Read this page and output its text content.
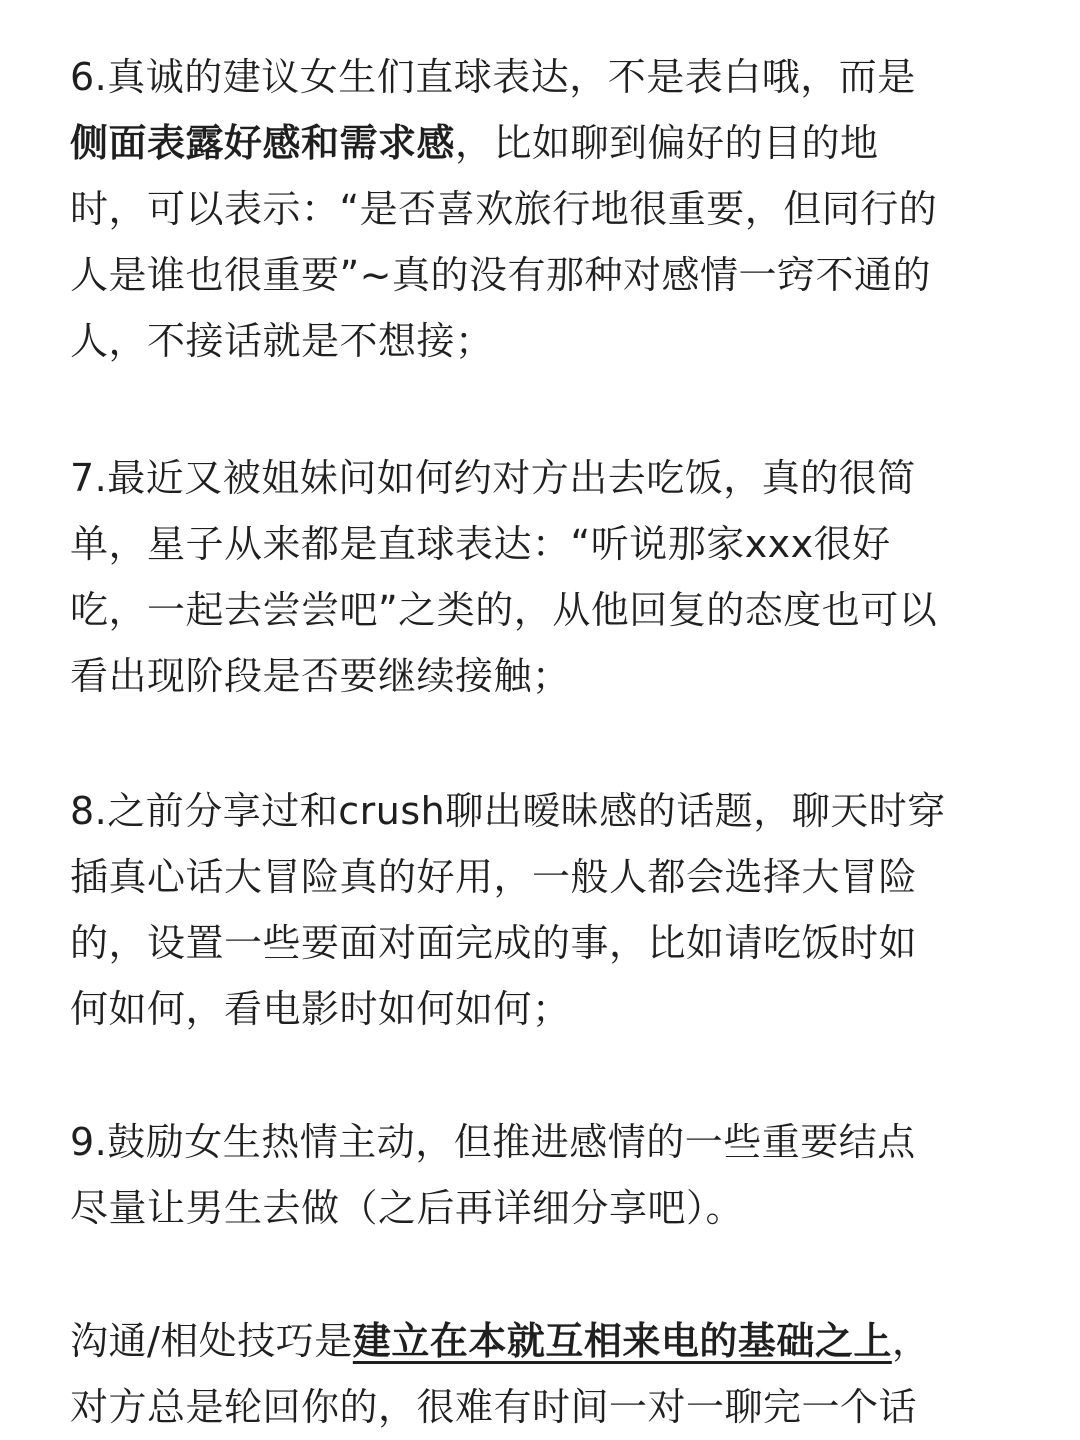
6.真诚的建议女生们直球表达，不是表白哦，而是
侧面表露好感和需求感，比如聊到偏好的目的地
时，可以表示：“是否喜欢旅行地很重要，但同行的
人是谁也很重要”~真的没有那种对感情一窍不通的
人，不接话就是不想接；
7.最近又被姐妹问如何约对方出去吃饭，真的很简
单，星子从来都是直球表达：“听说那家xxx很好
吃，一起去尝尝吧”之类的，从他回复的态度也可以
看出现阶段是否要继续接触；
8.之前分享过和crush聊出暧昧感的话题，聊天时穿
插真心话大冒险真的好用，一般人都会选择大冒险
的，设置一些要面对面完成的事，比如请吃饭时如
何如何，看电影时如何如何；
9.鼓励女生热情主动，但推进感情的一些重要结点
尽量让男生去做（之后再详细分享吧）。
沟通/相处技巧是建立在本就互相来电的基础之上，
对方总是轮回你的，很难有时间一对一聊完一个话
